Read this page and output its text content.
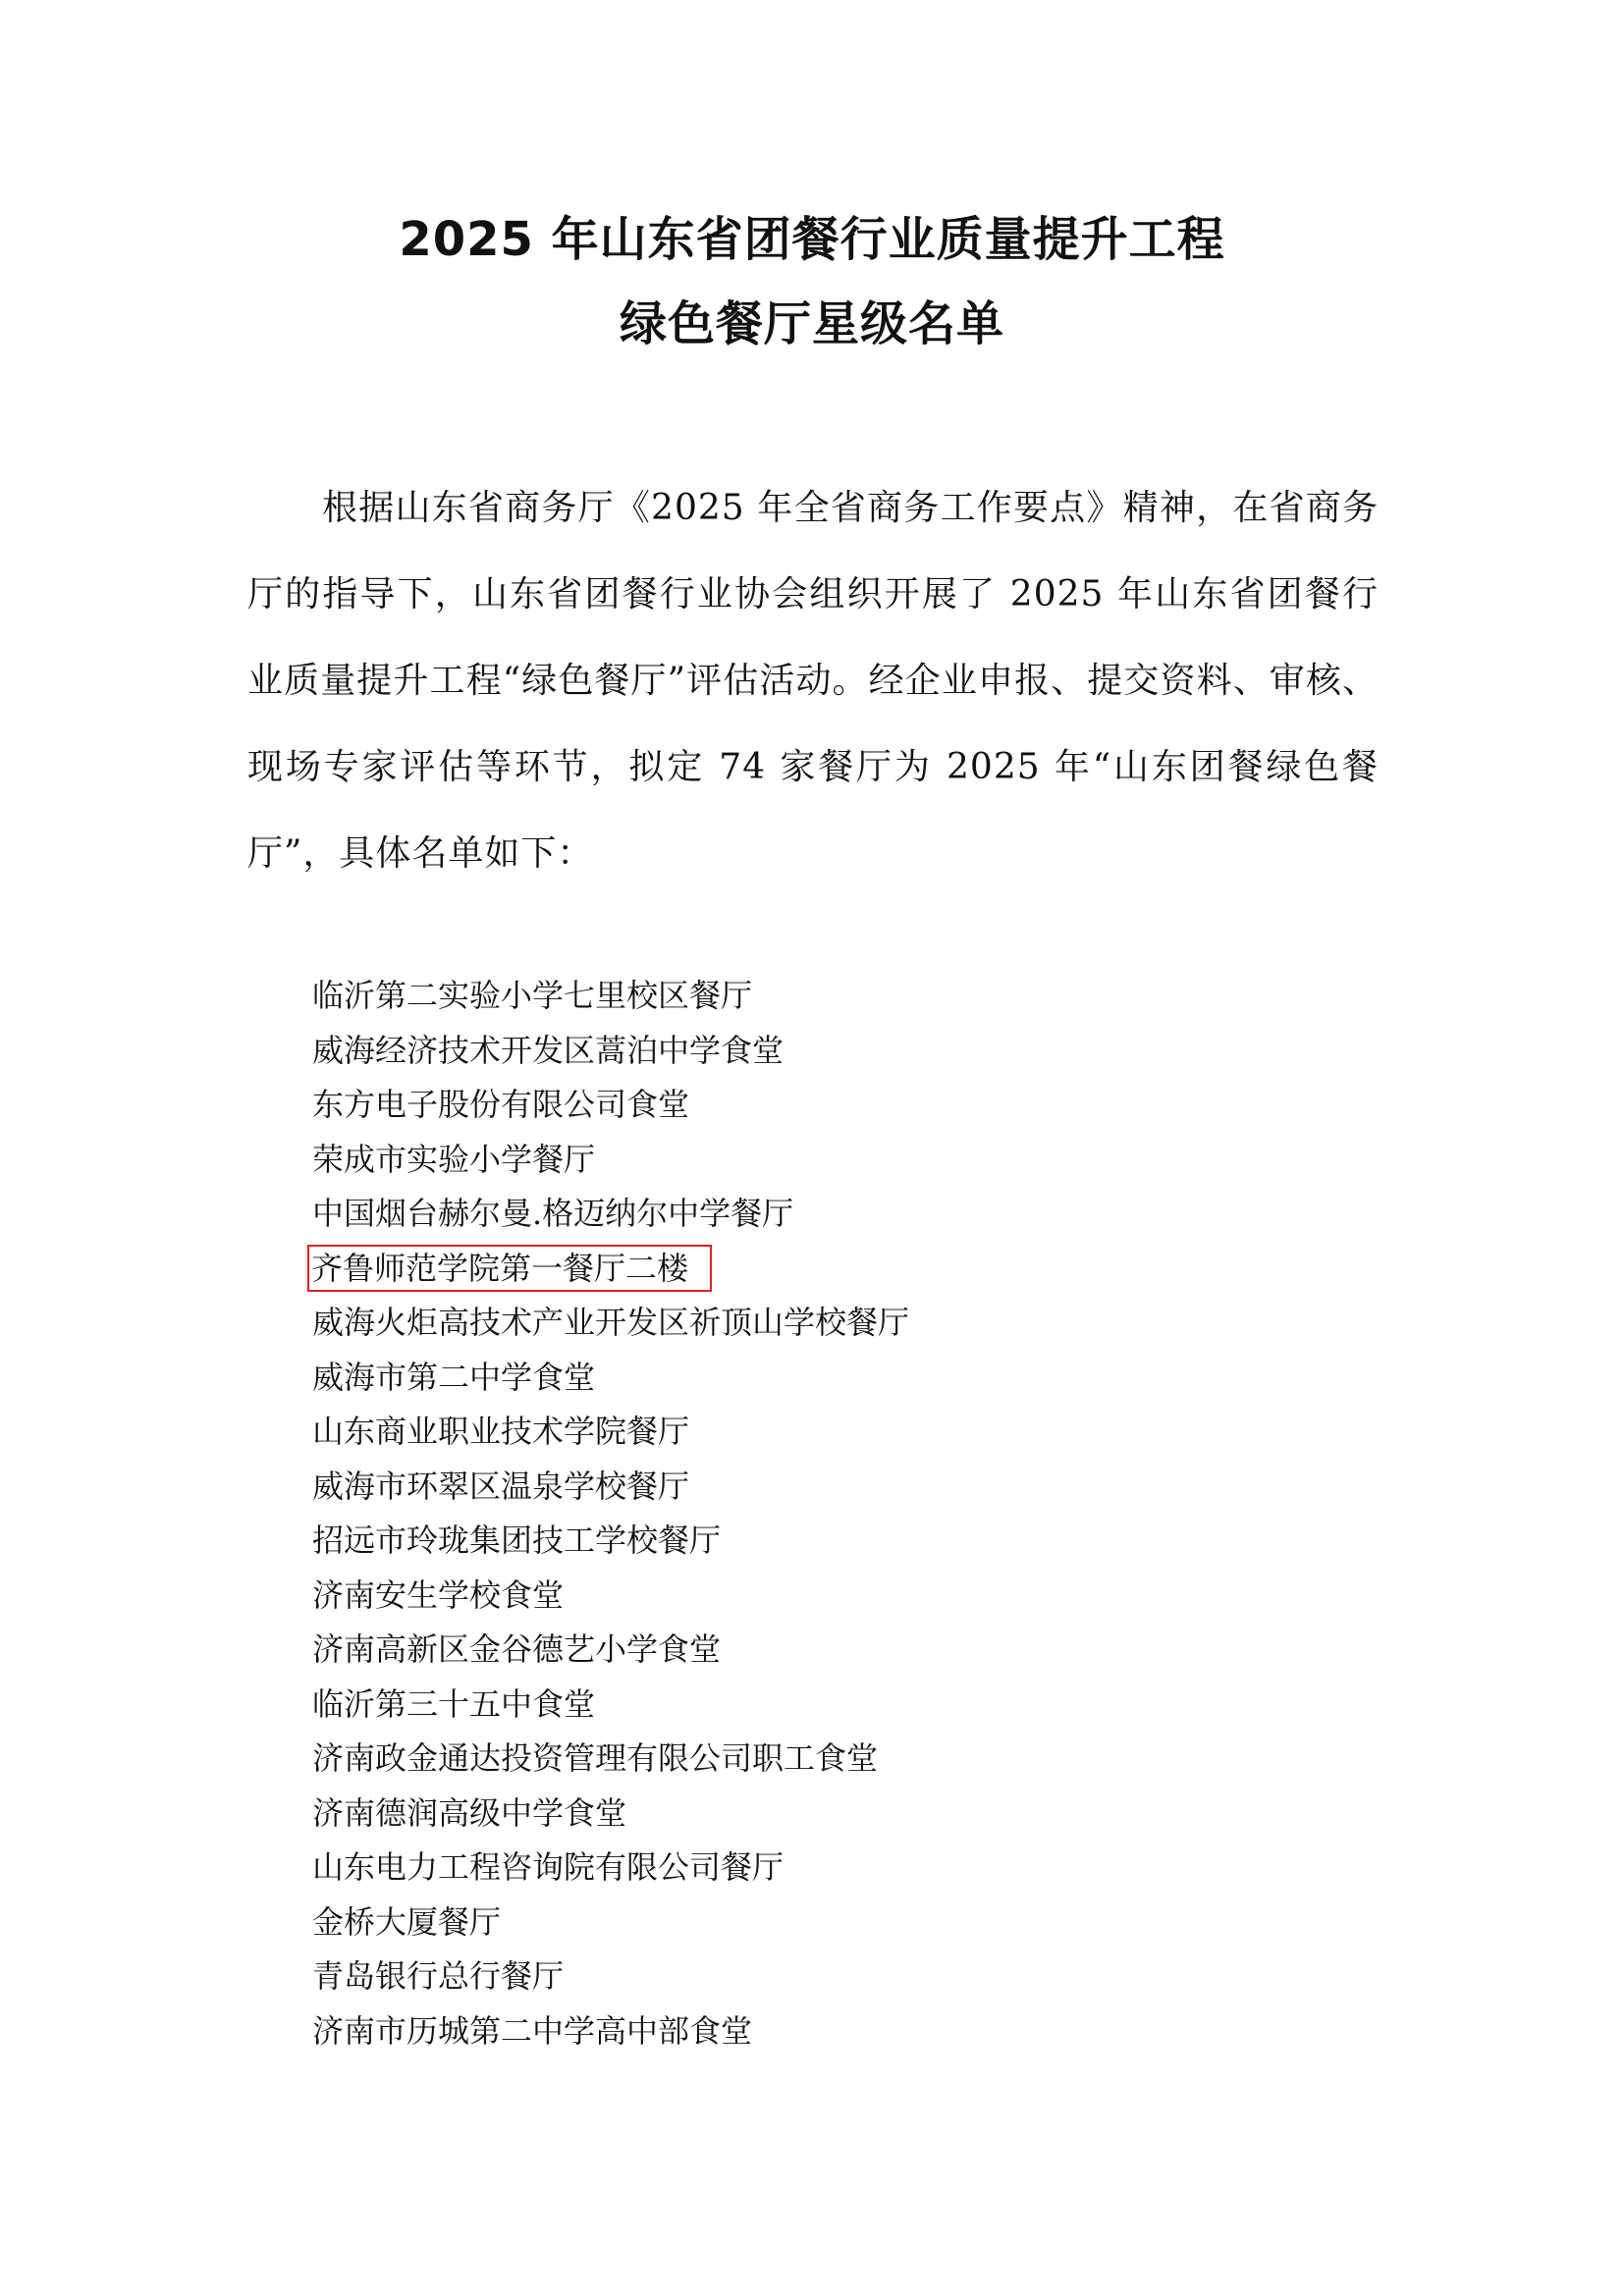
2025 年山东省团餐行业质量提升工程
绿色餐厅星级名单

根据山东省商务厅《2025 年全省商务工作要点》精神，在省商务厅的指导下，山东省团餐行业协会组织开展了 2025 年山东省团餐行业质量提升工程“绿色餐厅”评估活动。经企业申报、提交资料、审核、现场专家评估等环节，拟定 74 家餐厅为 2025 年“山东团餐绿色餐厅”，具体名单如下：

临沂第二实验小学七里校区餐厅
威海经济技术开发区蒿泊中学食堂
东方电子股份有限公司食堂
荣成市实验小学餐厅
中国烟台赫尔曼.格迈纳尔中学餐厅
齐鲁师范学院第一餐厅二楼
威海火炬高技术产业开发区祈顶山学校餐厅
威海市第二中学食堂
山东商业职业技术学院餐厅
威海市环翠区温泉学校餐厅
招远市玲珑集团技工学校餐厅
济南安生学校食堂
济南高新区金谷德艺小学食堂
临沂第三十五中食堂
济南政金通达投资管理有限公司职工食堂
济南德润高级中学食堂
山东电力工程咨询院有限公司餐厅
金桥大厦餐厅
青岛银行总行餐厅
济南市历城第二中学高中部食堂
